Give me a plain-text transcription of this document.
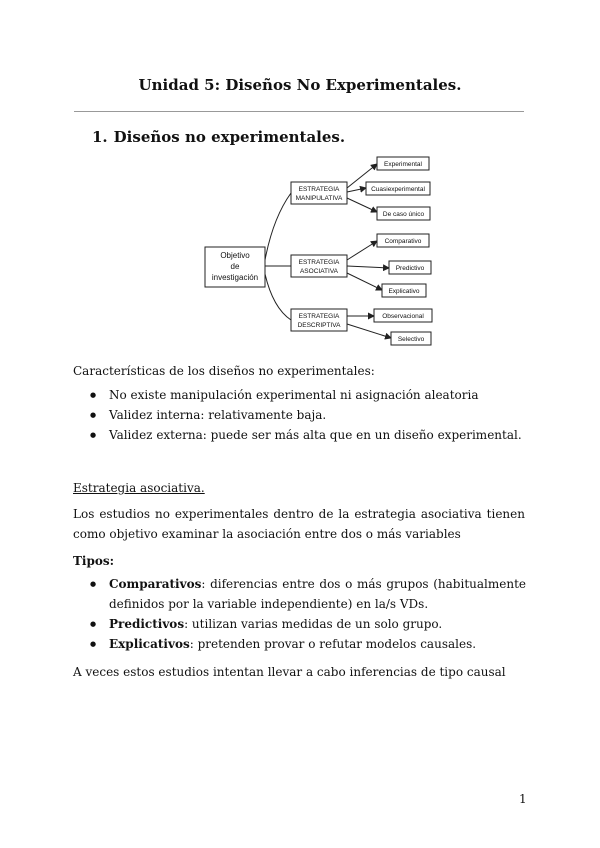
Unidad 5: Diseños No Experimentales.
1. Diseños no experimentales.
Objetivo
de
investigación
ESTRATEGIA
MANIPULATIVA
ESTRATEGIA
ASOCIATIVA
ESTRATEGIA
DESCRIPTIVA
Experimental
Cuasiexperimental
De caso único
Comparativo
Predictivo
Explicativo
Observacional
Selectivo
Características de los diseños no experimentales:
● No existe manipulación experimental ni asignación aleatoria
● Validez interna: relativamente baja.
● Validez externa: puede ser más alta que en un diseño experimental.
Estrategia asociativa.
Los estudios no experimentales dentro de la estrategia asociativa tienen como objetivo examinar la asociación entre dos o más variables
Tipos:
● Comparativos: diferencias entre dos o más grupos (habitualmente definidos por la variable independiente) en la/s VDs.
● Predictivos: utilizan varias medidas de un solo grupo.
● Explicativos: pretenden provar o refutar modelos causales.
A veces estos estudios intentan llevar a cabo inferencias de tipo causal
1
